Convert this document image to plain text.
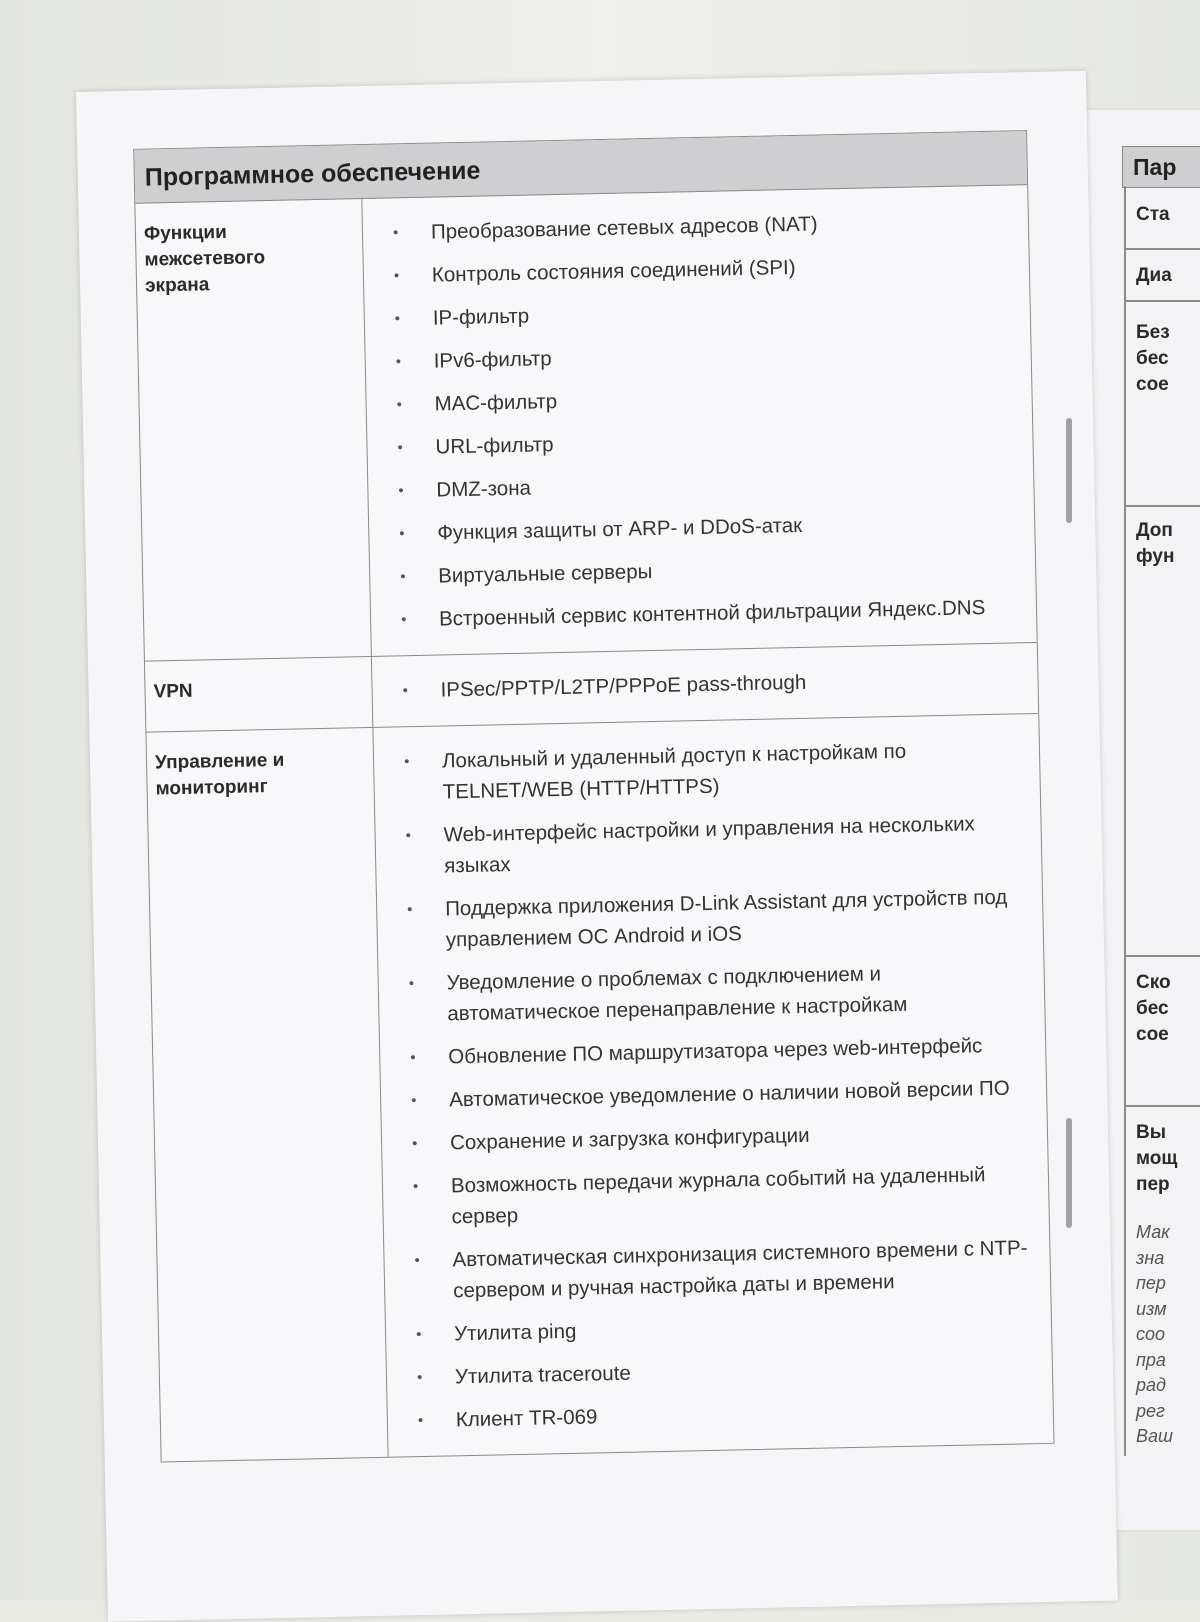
Пар
Ста
Диа
Без
бес
сое
Доп
фун
Ско
бес
сое
Вы
мощ
пер
Мак
зна
пер
изм
соо
пра
рад
рег
Ваш
Программное обеспечение
Функции
межсетевого
экрана
• Преобразование сетевых адресов (NAT)
• Контроль состояния соединений (SPI)
• IP-фильтр
• IPv6-фильтр
• MAC-фильтр
• URL-фильтр
• DMZ-зона
• Функция защиты от ARP- и DDoS-атак
• Виртуальные серверы
• Встроенный сервис контентной фильтрации Яндекс.DNS
VPN
•	IPSec/PPTP/L2TP/PPPoE pass-through
Управление и
мониторинг
• Локальный и удаленный доступ к настройкам по TELNET/WEB (HTTP/HTTPS)
• Web-интерфейс настройки и управления на нескольких языках
• Поддержка приложения D-Link Assistant для устройств под управлением ОС Android и iOS
• Уведомление о проблемах с подключением и автоматическое перенаправление к настройкам
• Обновление ПО маршрутизатора через web-интерфейс
• Автоматическое уведомление о наличии новой версии ПО
• Сохранение и загрузка конфигурации
• Возможность передачи журнала событий на удаленный сервер
• Автоматическая синхронизация системного времени с NTP-сервером и ручная настройка даты и времени
• Утилита ping
• Утилита traceroute
• Клиент TR-069
